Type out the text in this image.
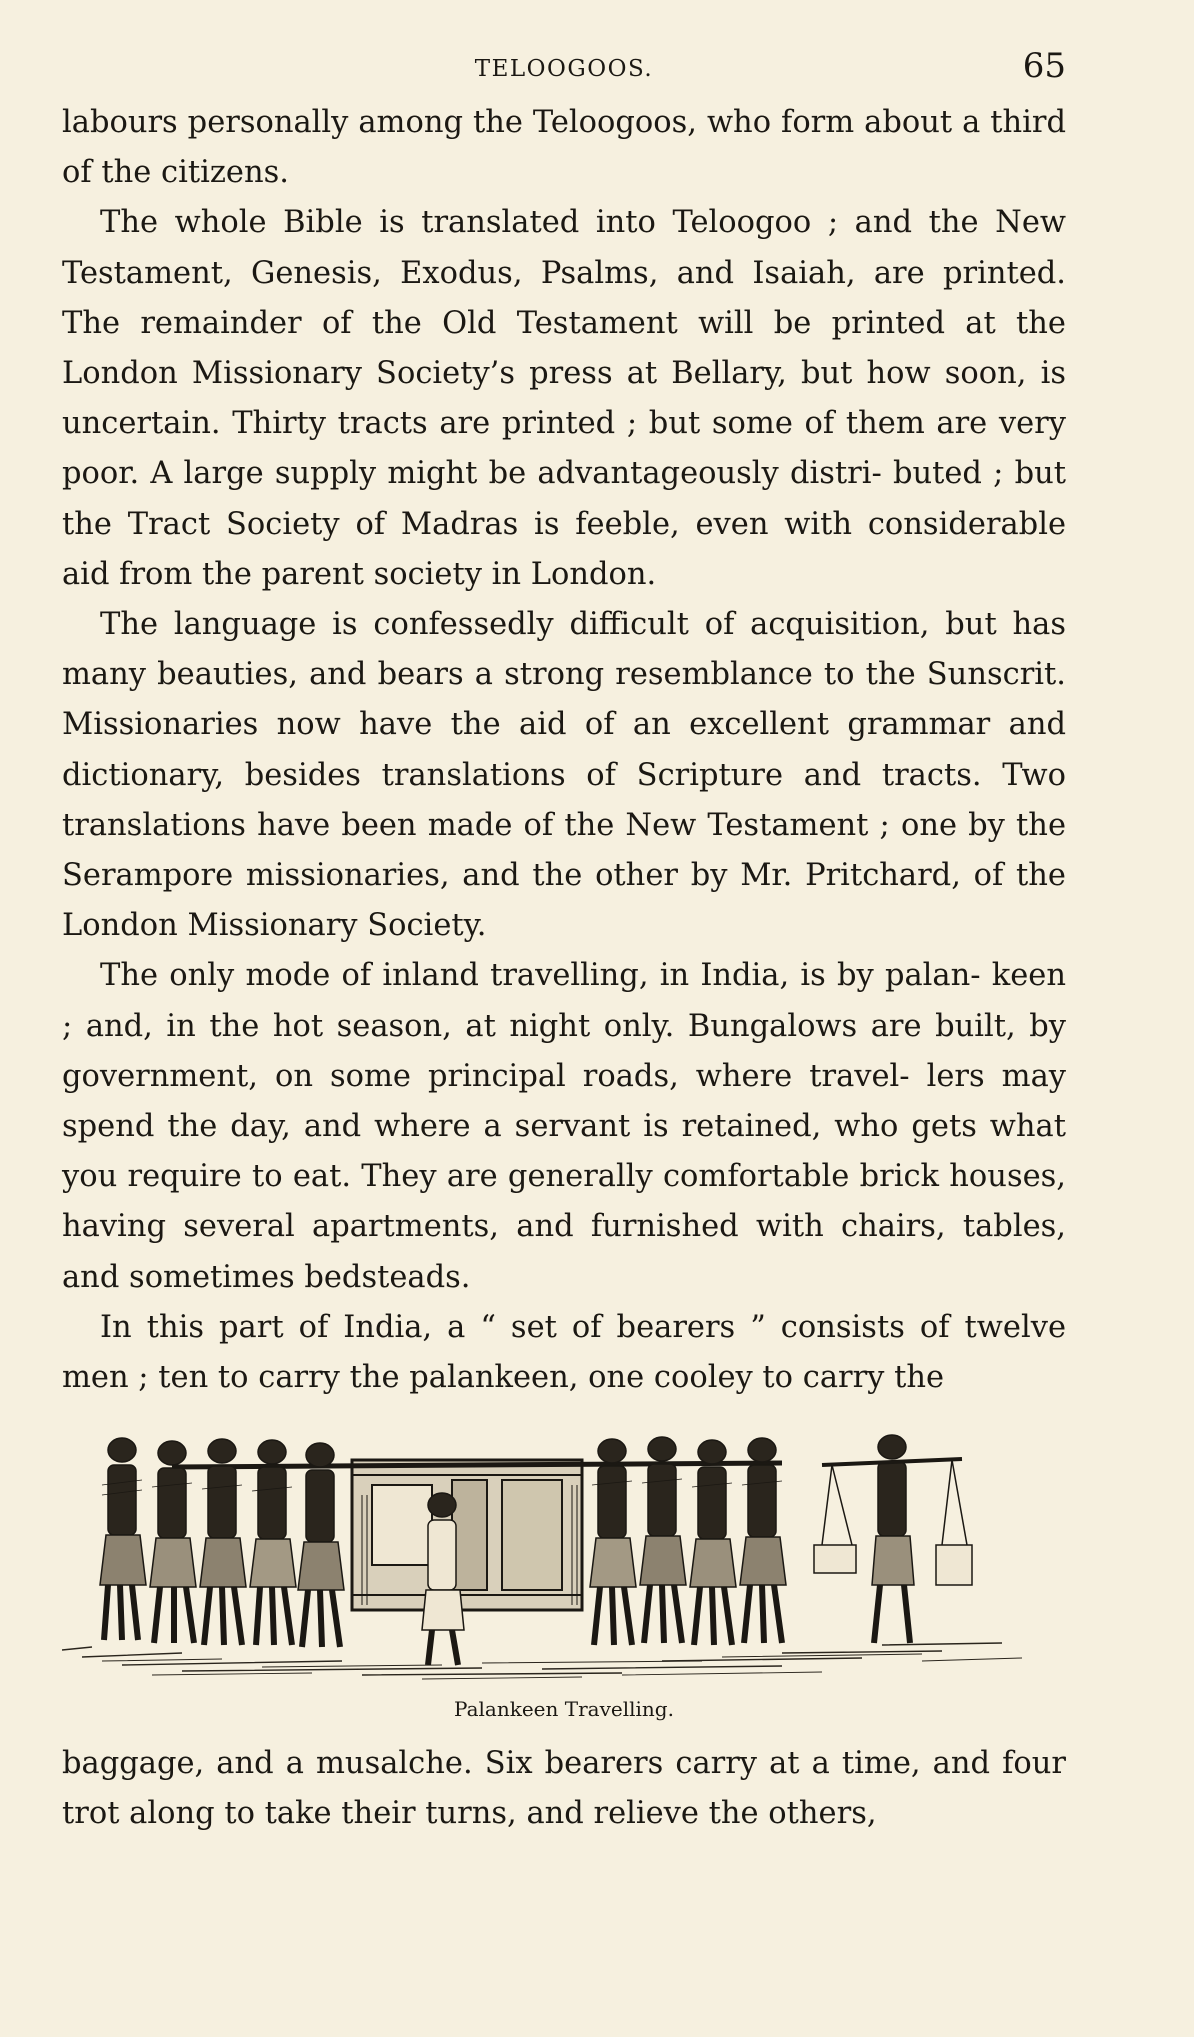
TELOOGOOS.	65

labours personally among the Teloogoos, who form about a third of the citizens.

The whole Bible is translated into Teloogoo ; and the New Testament, Genesis, Exodus, Psalms, and Isaiah, are printed. The remainder of the Old Testament will be printed at the London Missionary Society’s press at Bellary, but how soon, is uncertain. Thirty tracts are printed ; but some of them are very poor. A large supply might be advantageously distri- buted ; but the Tract Society of Madras is feeble, even with considerable aid from the parent society in London.

The language is confessedly difficult of acquisition, but has many beauties, and bears a strong resemblance to the Sunscrit. Missionaries now have the aid of an excellent grammar and dictionary, besides translations of Scripture and tracts. Two translations have been made of the New Testament ; one by the Serampore missionaries, and the other by Mr. Pritchard, of the London Missionary Society.

The only mode of inland travelling, in India, is by palan- keen ; and, in the hot season, at night only. Bungalows are built, by government, on some principal roads, where travel- lers may spend the day, and where a servant is retained, who gets what you require to eat. They are generally comfortable brick houses, having several apartments, and furnished with chairs, tables, and sometimes bedsteads.

In this part of India, a “ set of bearers ” consists of twelve men ; ten to carry the palankeen, one cooley to carry the

Palankeen Travelling.

baggage, and a musalche. Six bearers carry at a time, and four trot along to take their turns, and relieve the others,
